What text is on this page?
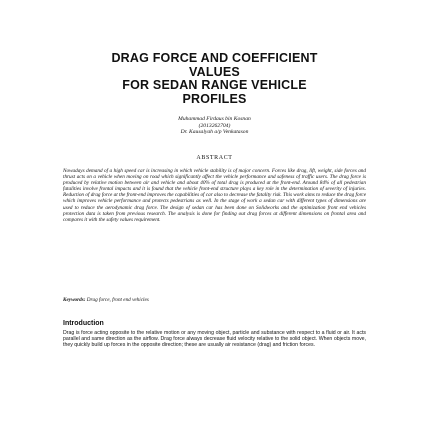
DRAG FORCE AND COEFFICIENT
VALUES
FOR SEDAN RANGE VEHICLE
PROFILES
Muhammad Firdaus bin Kosnan
(2013262704)
Dr. Kausalyah a/p Venkatason
ABSTRACT
Nowadays demand of a high speed car is increasing in which vehicle stability is of major concern. Forces like drag, lift, weight, side forces and thrust acts on a vehicle when moving on road which significantly affect the vehicle performance and safeness of traffic users. The drag force is produced by relative motion between air and vehicle and about 40% of total drag is produced at the front-end. Around 84% of all pedestrian fatalities involve frontal impacts and it is found that the vehicle front-end structure plays a key role in the determination of severity of injuries. Reduction of drag force at the front-end improves the capabilities of car also to decrease the fatality risk. This work aims to reduce the drag force which improves vehicle performance and protects pedestrians as well. In the stage of work a sedan car with different types of dimensions are used to reduce the aerodynamic drag force. The design of sedan car has been done on Solidworks and the optimization front end vehicles protection data is taken from previous research. The analysis is done for finding out drag forces at different dimensions on frontal area and compares it with the safety values requirement.
Keywords: Drag force, front end vehicles
Introduction
Drag is force acting opposite to the relative motion or any moving object, particle and substance with respect to a fluid or air. It acts parallel and same direction as the airflow. Drag force always decrease fluid velocity relative to the solid object. When objects move, they quickly build up forces in the opposite direction; these are usually air resistance (drag) and friction forces.
